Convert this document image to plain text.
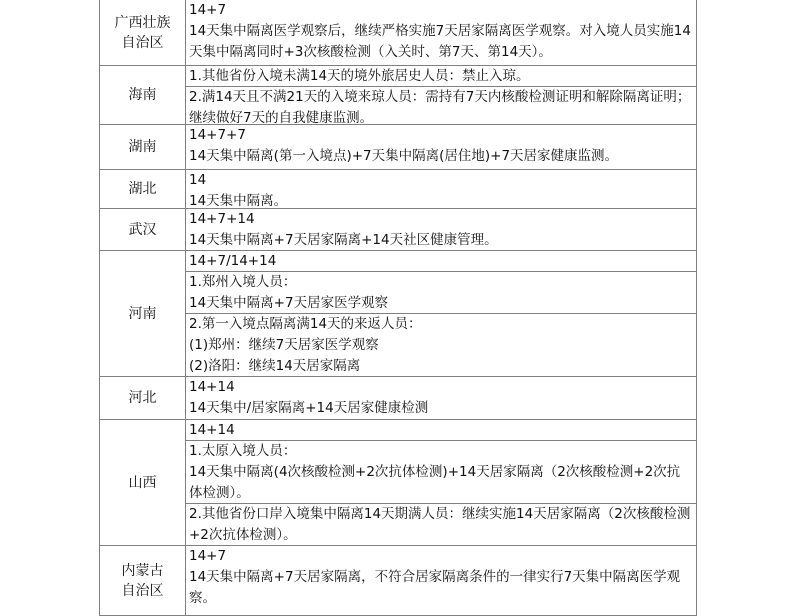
广西壮族
自治区

14+7

14天集中隔离医学观察后，继续严格实施7天居家隔离医学观察。对入境人员实施14天集中隔离同时+3次核酸检测（入关时、第7天、第14天）。

海南

1.其他省份入境未满14天的境外旅居史人员：禁止入琼。

2.满14天且不满21天的入境来琼人员：需持有7天内核酸检测证明和解除隔离证明；继续做好7天的自我健康监测。

湖南

14+7+7

14天集中隔离(第一入境点)+7天集中隔离(居住地)+7天居家健康监测。

湖北

14

14天集中隔离。

武汉

14+7+14

14天集中隔离+7天居家隔离+14天社区健康管理。

河南

14+7/14+14

1.郑州入境人员：

14天集中隔离+7天居家医学观察

2.第一入境点隔离满14天的来返人员：

(1)郑州：继续7天居家医学观察

(2)洛阳：继续14天居家隔离

河北

14+14

14天集中/居家隔离+14天居家健康检测

山西

14+14

1.太原入境人员：

14天集中隔离(4次核酸检测+2次抗体检测)+14天居家隔离（2次核酸检测+2次抗体检测）。

2.其他省份口岸入境集中隔离14天期满人员：继续实施14天居家隔离（2次核酸检测+2次抗体检测）。

内蒙古
自治区

14+7

14天集中隔离+7天居家隔离，不符合居家隔离条件的一律实行7天集中隔离医学观察。
